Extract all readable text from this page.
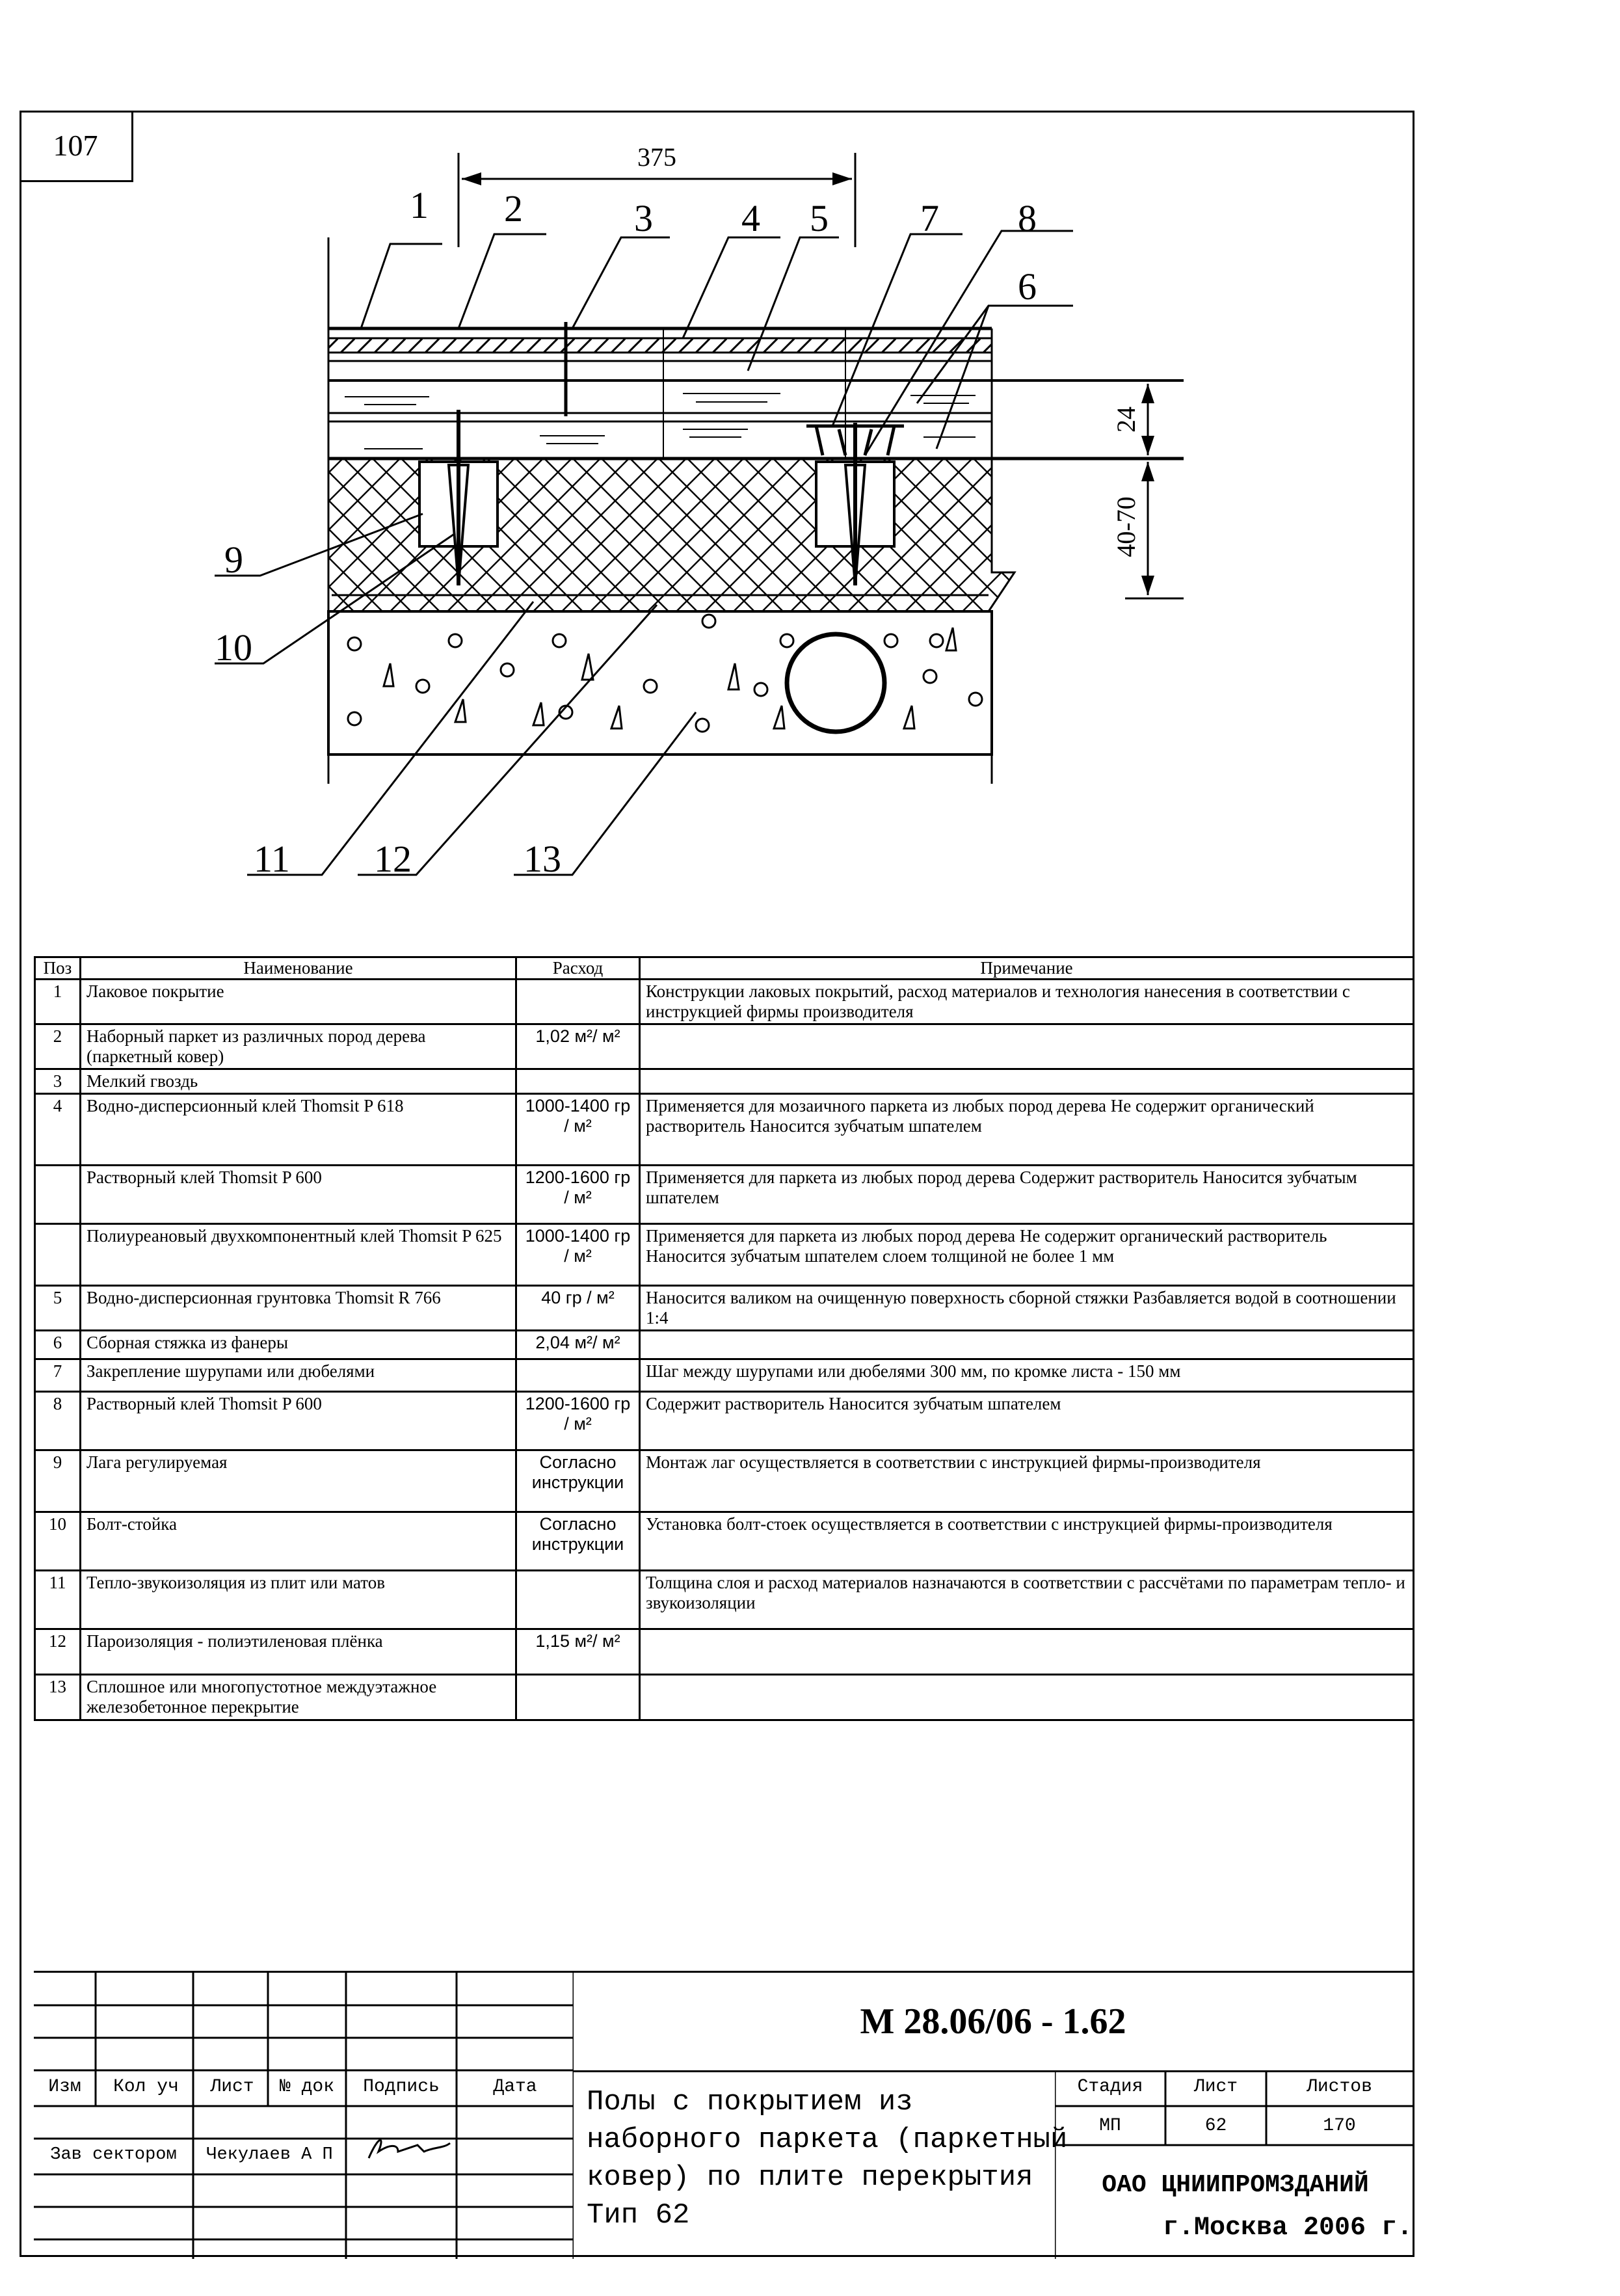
107	375
24
40-70
1 2	3 4 5 7 8
6
9
10
11 12	13
Поз	Наименование	Расход	Примечание
1	Лаковое покрытие		Конструкции лаковых покрытий, расход материалов и технология нанесения в соответствии с инструкцией фирмы производителя
2	Наборный паркет из различных пород дерева (паркетный ковер)	1,02 м²/ м²	
3	Мелкий гвоздь		
4	Водно-дисперсионный клей Thomsit P 618	1000-1400 гр / м²	Применяется для мозаичного паркета из любых пород дерева Не содержит органический растворитель Наносится зубчатым шпателем
	Растворный клей Thomsit P 600	1200-1600 гр / м²	Применяется для паркета из любых пород дерева Содержит растворитель Наносится зубчатым шпателем
	Полиуреановый двухкомпонентный клей Thomsit P 625	1000-1400 гр / м²	Применяется для паркета из любых пород дерева Не содержит органический растворитель Наносится зубчатым шпателем слоем толщиной не более 1 мм
5	Водно-дисперсионная грунтовка Thomsit R 766	40 гр / м²	Наносится валиком на очищенную поверхность сборной стяжки Разбавляется водой в соотношении 1:4
6	Сборная стяжка из фанеры	2,04 м²/ м²	
7	Закрепление шурупами или дюбелями		Шаг между шурупами или дюбелями 300 мм, по кромке листа - 150 мм
8	Растворный клей Thomsit P 600	1200-1600 гр / м²	Содержит растворитель Наносится зубчатым шпателем
9	Лага регулируемая	Согласно инструкции	Монтаж лаг осуществляется в соответствии с инструкцией фирмы-производителя
10	Болт-стойка	Согласно инструкции	Установка болт-стоек осуществляется в соответствии с инструкцией фирмы-производителя
11	Тепло-звукоизоляция из плит или матов		Толщина слоя и расход материалов назначаются в соответствии с рассчётами по параметрам тепло- и звукоизоляции
12	Пароизоляция - полиэтиленовая плёнка	1,15 м²/ м²	
13	Сплошное или многопустотное междуэтажное железобетонное перекрытие		
Изм	Кол уч	Лист	№ док	Подпись	Дата
Зав сектором	Чекулаев А П
М 28.06/06 - 1.62
Полы с покрытием из наборного паркета (паркетный ковер) по плите перекрытия Тип 62
Стадия	Лист	Листов
МП	62	170
ОАО ЦНИИПРОМЗДАНИЙ
г.Москва 2006 г.
